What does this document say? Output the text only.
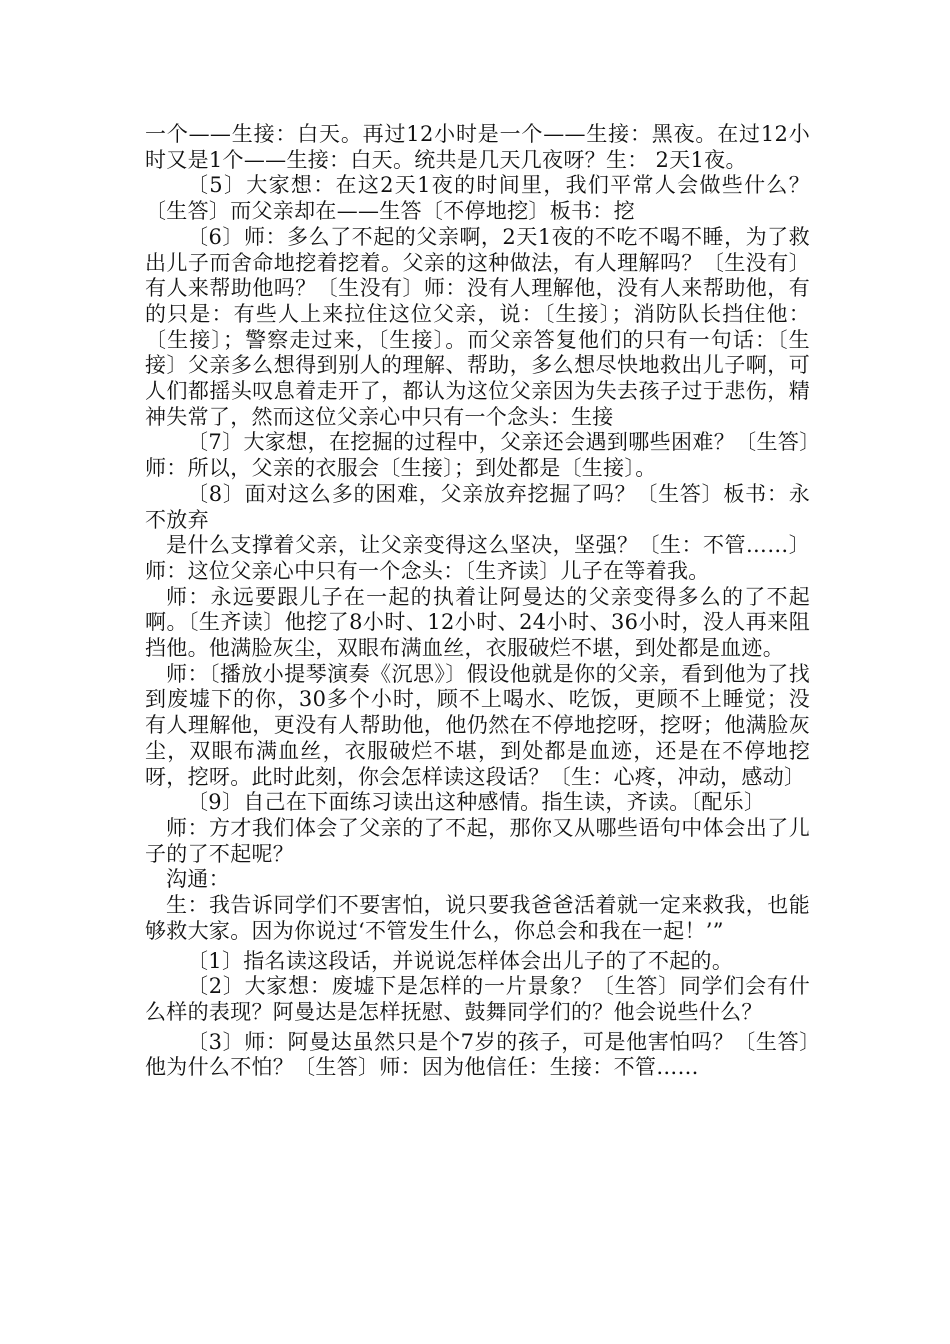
一个——生接：白天。再过12小时是一个——生接：黑夜。在过12小时又是1个——生接：白天。统共是几天几夜呀？生： 2天1夜。

〔5〕大家想：在这2天1夜的时间里，我们平常人会做些什么？〔生答〕而父亲却在——生答〔不停地挖〕板书：挖

〔6〕师：多么了不起的父亲啊，2天1夜的不吃不喝不睡，为了救出儿子而舍命地挖着挖着。父亲的这种做法，有人理解吗？〔生没有〕有人来帮助他吗？〔生没有〕师：没有人理解他，没有人来帮助他，有的只是：有些人上来拉住这位父亲，说：〔生接〕；消防队长挡住他：〔生接〕；警察走过来，〔生接〕。而父亲答复他们的只有一句话：〔生接〕父亲多么想得到别人的理解、帮助，多么想尽快地救出儿子啊，可人们都摇头叹息着走开了，都认为这位父亲因为失去孩子过于悲伤，精神失常了，然而这位父亲心中只有一个念头：生接

〔7〕大家想，在挖掘的过程中，父亲还会遇到哪些困难？〔生答〕师：所以，父亲的衣服会〔生接〕；到处都是〔生接〕。

〔8〕面对这么多的困难，父亲放弃挖掘了吗？〔生答〕板书：永不放弃

是什么支撑着父亲，让父亲变得这么坚决，坚强？〔生：不管……〕师：这位父亲心中只有一个念头：〔生齐读〕儿子在等着我。

师：永远要跟儿子在一起的执着让阿曼达的父亲变得多么的了不起啊。〔生齐读〕他挖了8小时、12小时、24小时、36小时，没人再来阻挡他。他满脸灰尘，双眼布满血丝，衣服破烂不堪，到处都是血迹。

师：〔播放小提琴演奏《沉思》〕假设他就是你的父亲，看到他为了找到废墟下的你，30多个小时，顾不上喝水、吃饭，更顾不上睡觉；没有人理解他，更没有人帮助他，他仍然在不停地挖呀，挖呀；他满脸灰尘，双眼布满血丝，衣服破烂不堪，到处都是血迹，还是在不停地挖呀，挖呀。此时此刻，你会怎样读这段话？〔生：心疼，冲动，感动〕

〔9〕自己在下面练习读出这种感情。指生读，齐读。〔配乐〕

师：方才我们体会了父亲的了不起，那你又从哪些语句中体会出了儿子的了不起呢？

沟通：

生：我告诉同学们不要害怕，说只要我爸爸活着就一定来救我，也能够救大家。因为你说过‘不管发生什么，你总会和我在一起！’”

〔1〕指名读这段话，并说说怎样体会出儿子的了不起的。

〔2〕大家想：废墟下是怎样的一片景象？〔生答〕同学们会有什么样的表现？阿曼达是怎样抚慰、鼓舞同学们的？他会说些什么？

〔3〕师：阿曼达虽然只是个7岁的孩子，可是他害怕吗？〔生答〕他为什么不怕？〔生答〕师：因为他信任：生接：不管……
